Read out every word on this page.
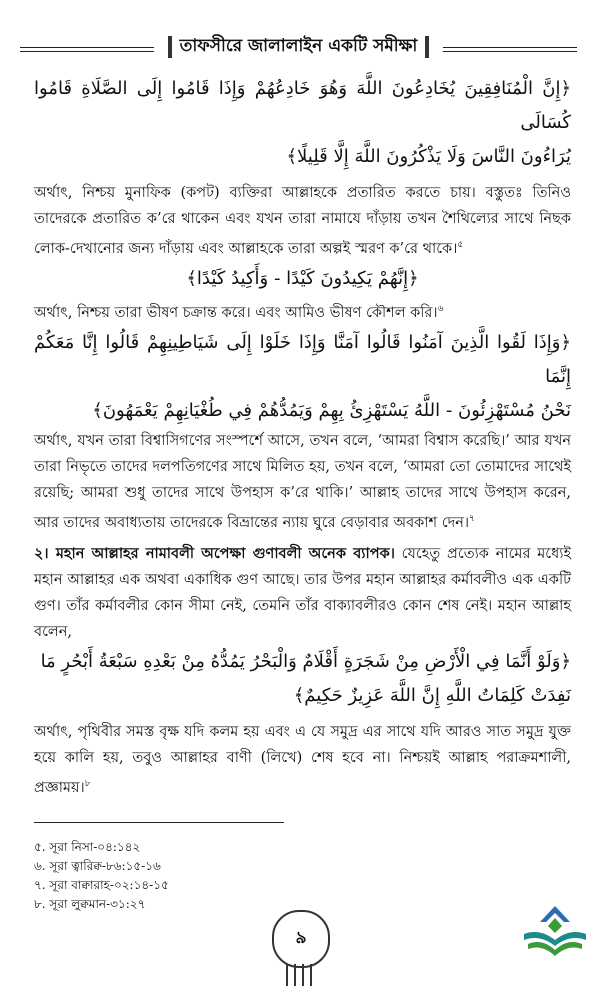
তাফসীরে জালালাইন একটি সমীক্ষা

﴿إِنَّ الْمُنَافِقِينَ يُخَادِعُونَ اللَّهَ وَهُوَ خَادِعُهُمْ وَإِذَا قَامُوا إِلَى الصَّلَاةِ قَامُوا كُسَالَى

يُرَاءُونَ النَّاسَ وَلَا يَذْكُرُونَ اللَّهَ إِلَّا قَلِيلًا﴾

অর্থাৎ, নিশ্চয় মুনাফিক (কপট) ব্যক্তিরা আল্লাহকে প্রতারিত করতে চায়। বস্তুতঃ তিনিও তাদেরকে প্রতারিত ক’রে থাকেন এবং যখন তারা নামাযে দাঁড়ায় তখন শৈথিল্যের সাথে নিছক লোক-দেখানোর জন্য দাঁড়ায় এবং আল্লাহকে তারা অল্পই স্মরণ ক’রে থাকে।$^৫$

﴿إِنَّهُمْ يَكِيدُونَ كَيْدًا - وَأَكِيدُ كَيْدًا﴾

অর্থাৎ, নিশ্চয় তারা ভীষণ চক্রান্ত করে। এবং আমিও ভীষণ কৌশল করি।$^৬$

﴿وَإِذَا لَقُوا الَّذِينَ آمَنُوا قَالُوا آمَنَّا وَإِذَا خَلَوْا إِلَى شَيَاطِينِهِمْ قَالُوا إِنَّا مَعَكُمْ إِنَّمَا

نَحْنُ مُسْتَهْزِئُونَ - اللَّهُ يَسْتَهْزِئُ بِهِمْ وَيَمُدُّهُمْ فِي طُغْيَانِهِمْ يَعْمَهُونَ﴾

অর্থাৎ, যখন তারা বিশ্বাসিগণের সংস্পর্শে আসে, তখন বলে, ‘আমরা বিশ্বাস করেছি।’ আর যখন তারা নিভৃতে তাদের দলপতিগণের সাথে মিলিত হয়, তখন বলে, ‘আমরা তো তোমাদের সাথেই রয়েছি; আমরা শুধু তাদের সাথে উপহাস ক’রে থাকি।’ আল্লাহ তাদের সাথে উপহাস করেন, আর তাদের অবাধ্যতায় তাদেরকে বিভ্রান্তের ন্যায় ঘুরে বেড়াবার অবকাশ দেন।$^৭$

২। মহান আল্লাহর নামাবলী অপেক্ষা গুণাবলী অনেক ব্যাপক। যেহেতু প্রত্যেক নামের মধ্যেই মহান আল্লাহর এক অথবা একাধিক গুণ আছে। তার উপর মহান আল্লাহর কর্মাবলীও এক একটি গুণ। তাঁর কর্মাবলীর কোন সীমা নেই, তেমনি তাঁর বাক্যাবলীরও কোন শেষ নেই। মহান আল্লাহ বলেন,

﴿وَلَوْ أَنَّمَا فِي الْأَرْضِ مِنْ شَجَرَةٍ أَقْلَامٌ وَالْبَحْرُ يَمُدُّهُ مِنْ بَعْدِهِ سَبْعَةُ أَبْحُرٍ مَا

نَفِدَتْ كَلِمَاتُ اللَّهِ إِنَّ اللَّهَ عَزِيزٌ حَكِيمٌ﴾

অর্থাৎ, পৃথিবীর সমস্ত বৃক্ষ যদি কলম হয় এবং এ যে সমুদ্র এর সাথে যদি আরও সাত সমুদ্র যুক্ত হয়ে কালি হয়, তবুও আল্লাহর বাণী (লিখে) শেষ হবে না। নিশ্চয়ই আল্লাহ পরাক্রমশালী, প্রজ্ঞাময়।$^৮$

৫. সূরা নিসা-০৪:১৪২

৬. সূরা ত্বারিক্ব-৮৬:১৫-১৬

৭. সূরা বাক্বারাহ-০২:১৪-১৫

৮. সূরা লুক্বমান-৩১:২৭

৯
